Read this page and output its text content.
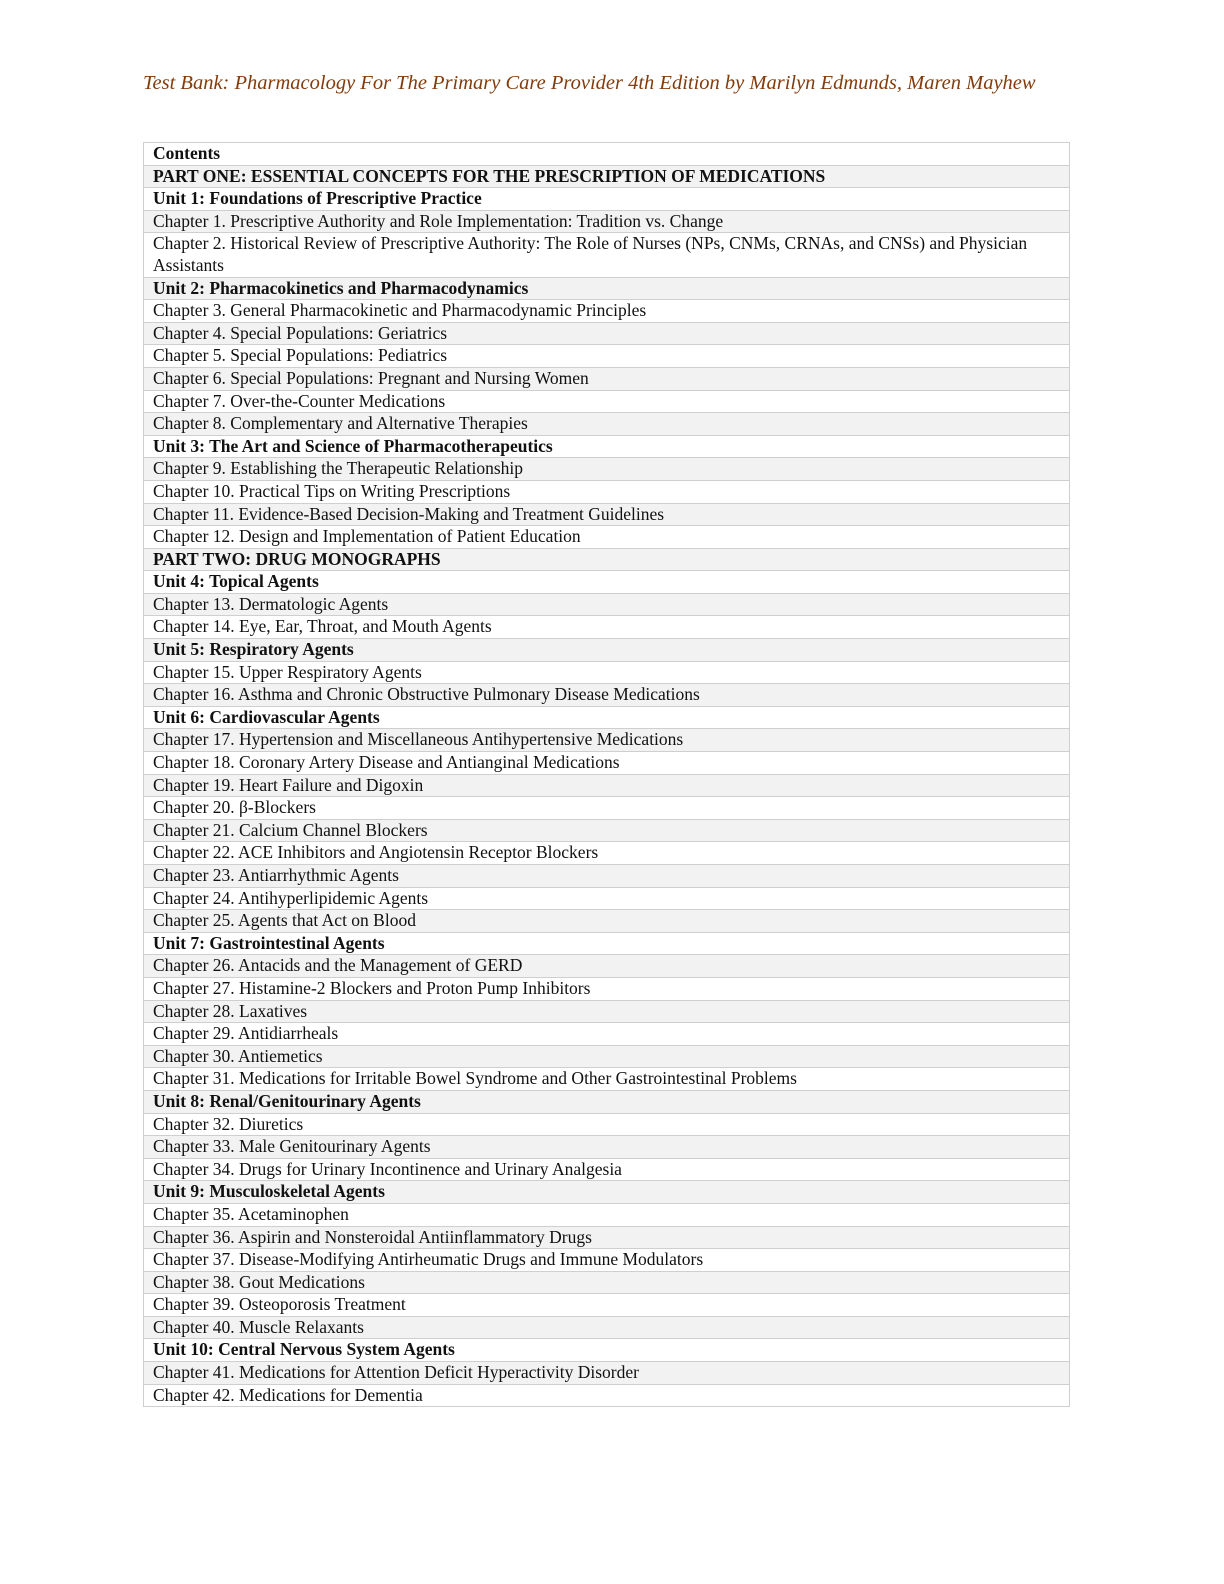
Test Bank: Pharmacology For The Primary Care Provider 4th Edition by Marilyn Edmunds, Maren Mayhew
Contents
PART ONE: ESSENTIAL CONCEPTS FOR THE PRESCRIPTION OF MEDICATIONS
Unit 1: Foundations of Prescriptive Practice
Chapter 1. Prescriptive Authority and Role Implementation: Tradition vs. Change
Chapter 2. Historical Review of Prescriptive Authority: The Role of Nurses (NPs, CNMs, CRNAs, and CNSs) and Physician Assistants
Unit 2: Pharmacokinetics and Pharmacodynamics
Chapter 3. General Pharmacokinetic and Pharmacodynamic Principles
Chapter 4. Special Populations: Geriatrics
Chapter 5. Special Populations: Pediatrics
Chapter 6. Special Populations: Pregnant and Nursing Women
Chapter 7. Over-the-Counter Medications
Chapter 8. Complementary and Alternative Therapies
Unit 3: The Art and Science of Pharmacotherapeutics
Chapter 9. Establishing the Therapeutic Relationship
Chapter 10. Practical Tips on Writing Prescriptions
Chapter 11. Evidence-Based Decision-Making and Treatment Guidelines
Chapter 12. Design and Implementation of Patient Education
PART TWO: DRUG MONOGRAPHS
Unit 4: Topical Agents
Chapter 13. Dermatologic Agents
Chapter 14. Eye, Ear, Throat, and Mouth Agents
Unit 5: Respiratory Agents
Chapter 15. Upper Respiratory Agents
Chapter 16. Asthma and Chronic Obstructive Pulmonary Disease Medications
Unit 6: Cardiovascular Agents
Chapter 17. Hypertension and Miscellaneous Antihypertensive Medications
Chapter 18. Coronary Artery Disease and Antianginal Medications
Chapter 19. Heart Failure and Digoxin
Chapter 20. β-Blockers
Chapter 21. Calcium Channel Blockers
Chapter 22. ACE Inhibitors and Angiotensin Receptor Blockers
Chapter 23. Antiarrhythmic Agents
Chapter 24. Antihyperlipidemic Agents
Chapter 25. Agents that Act on Blood
Unit 7: Gastrointestinal Agents
Chapter 26. Antacids and the Management of GERD
Chapter 27. Histamine-2 Blockers and Proton Pump Inhibitors
Chapter 28. Laxatives
Chapter 29. Antidiarrheals
Chapter 30. Antiemetics
Chapter 31. Medications for Irritable Bowel Syndrome and Other Gastrointestinal Problems
Unit 8: Renal/Genitourinary Agents
Chapter 32. Diuretics
Chapter 33. Male Genitourinary Agents
Chapter 34. Drugs for Urinary Incontinence and Urinary Analgesia
Unit 9: Musculoskeletal Agents
Chapter 35. Acetaminophen
Chapter 36. Aspirin and Nonsteroidal Antiinflammatory Drugs
Chapter 37. Disease-Modifying Antirheumatic Drugs and Immune Modulators
Chapter 38. Gout Medications
Chapter 39. Osteoporosis Treatment
Chapter 40. Muscle Relaxants
Unit 10: Central Nervous System Agents
Chapter 41. Medications for Attention Deficit Hyperactivity Disorder
Chapter 42. Medications for Dementia
